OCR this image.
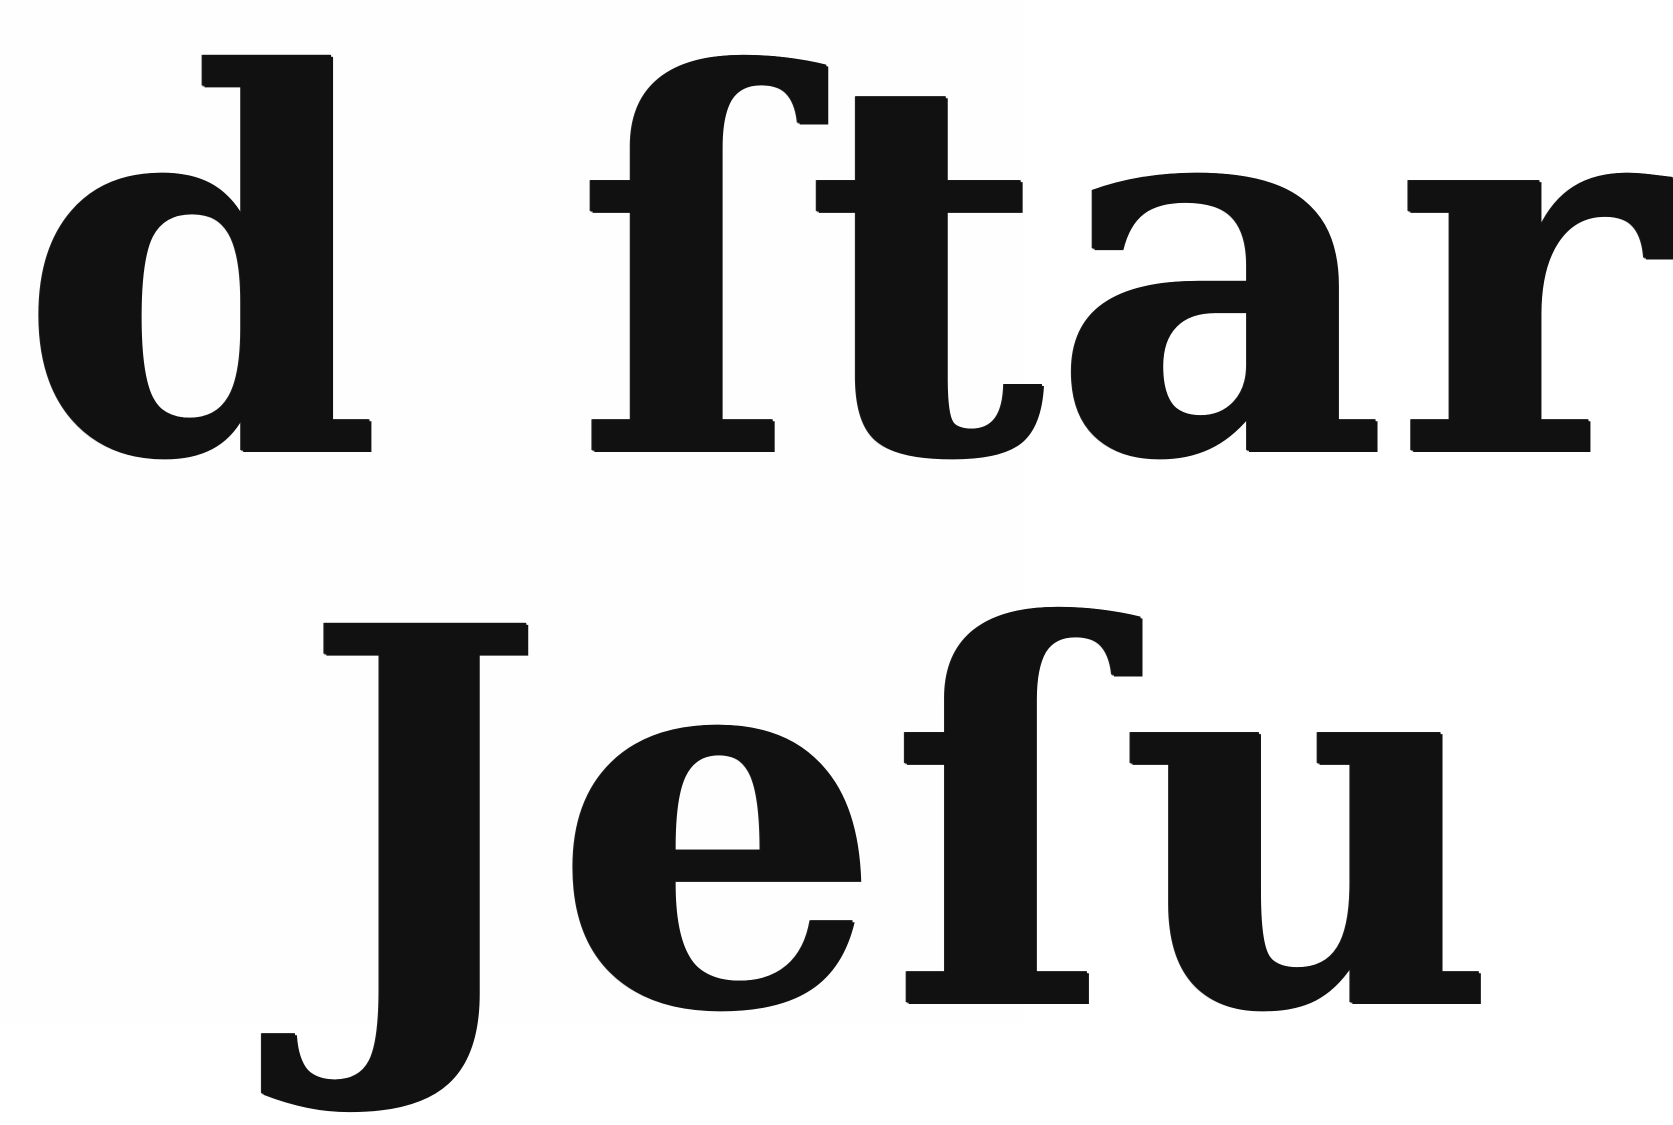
d ſtar
Jeſu
